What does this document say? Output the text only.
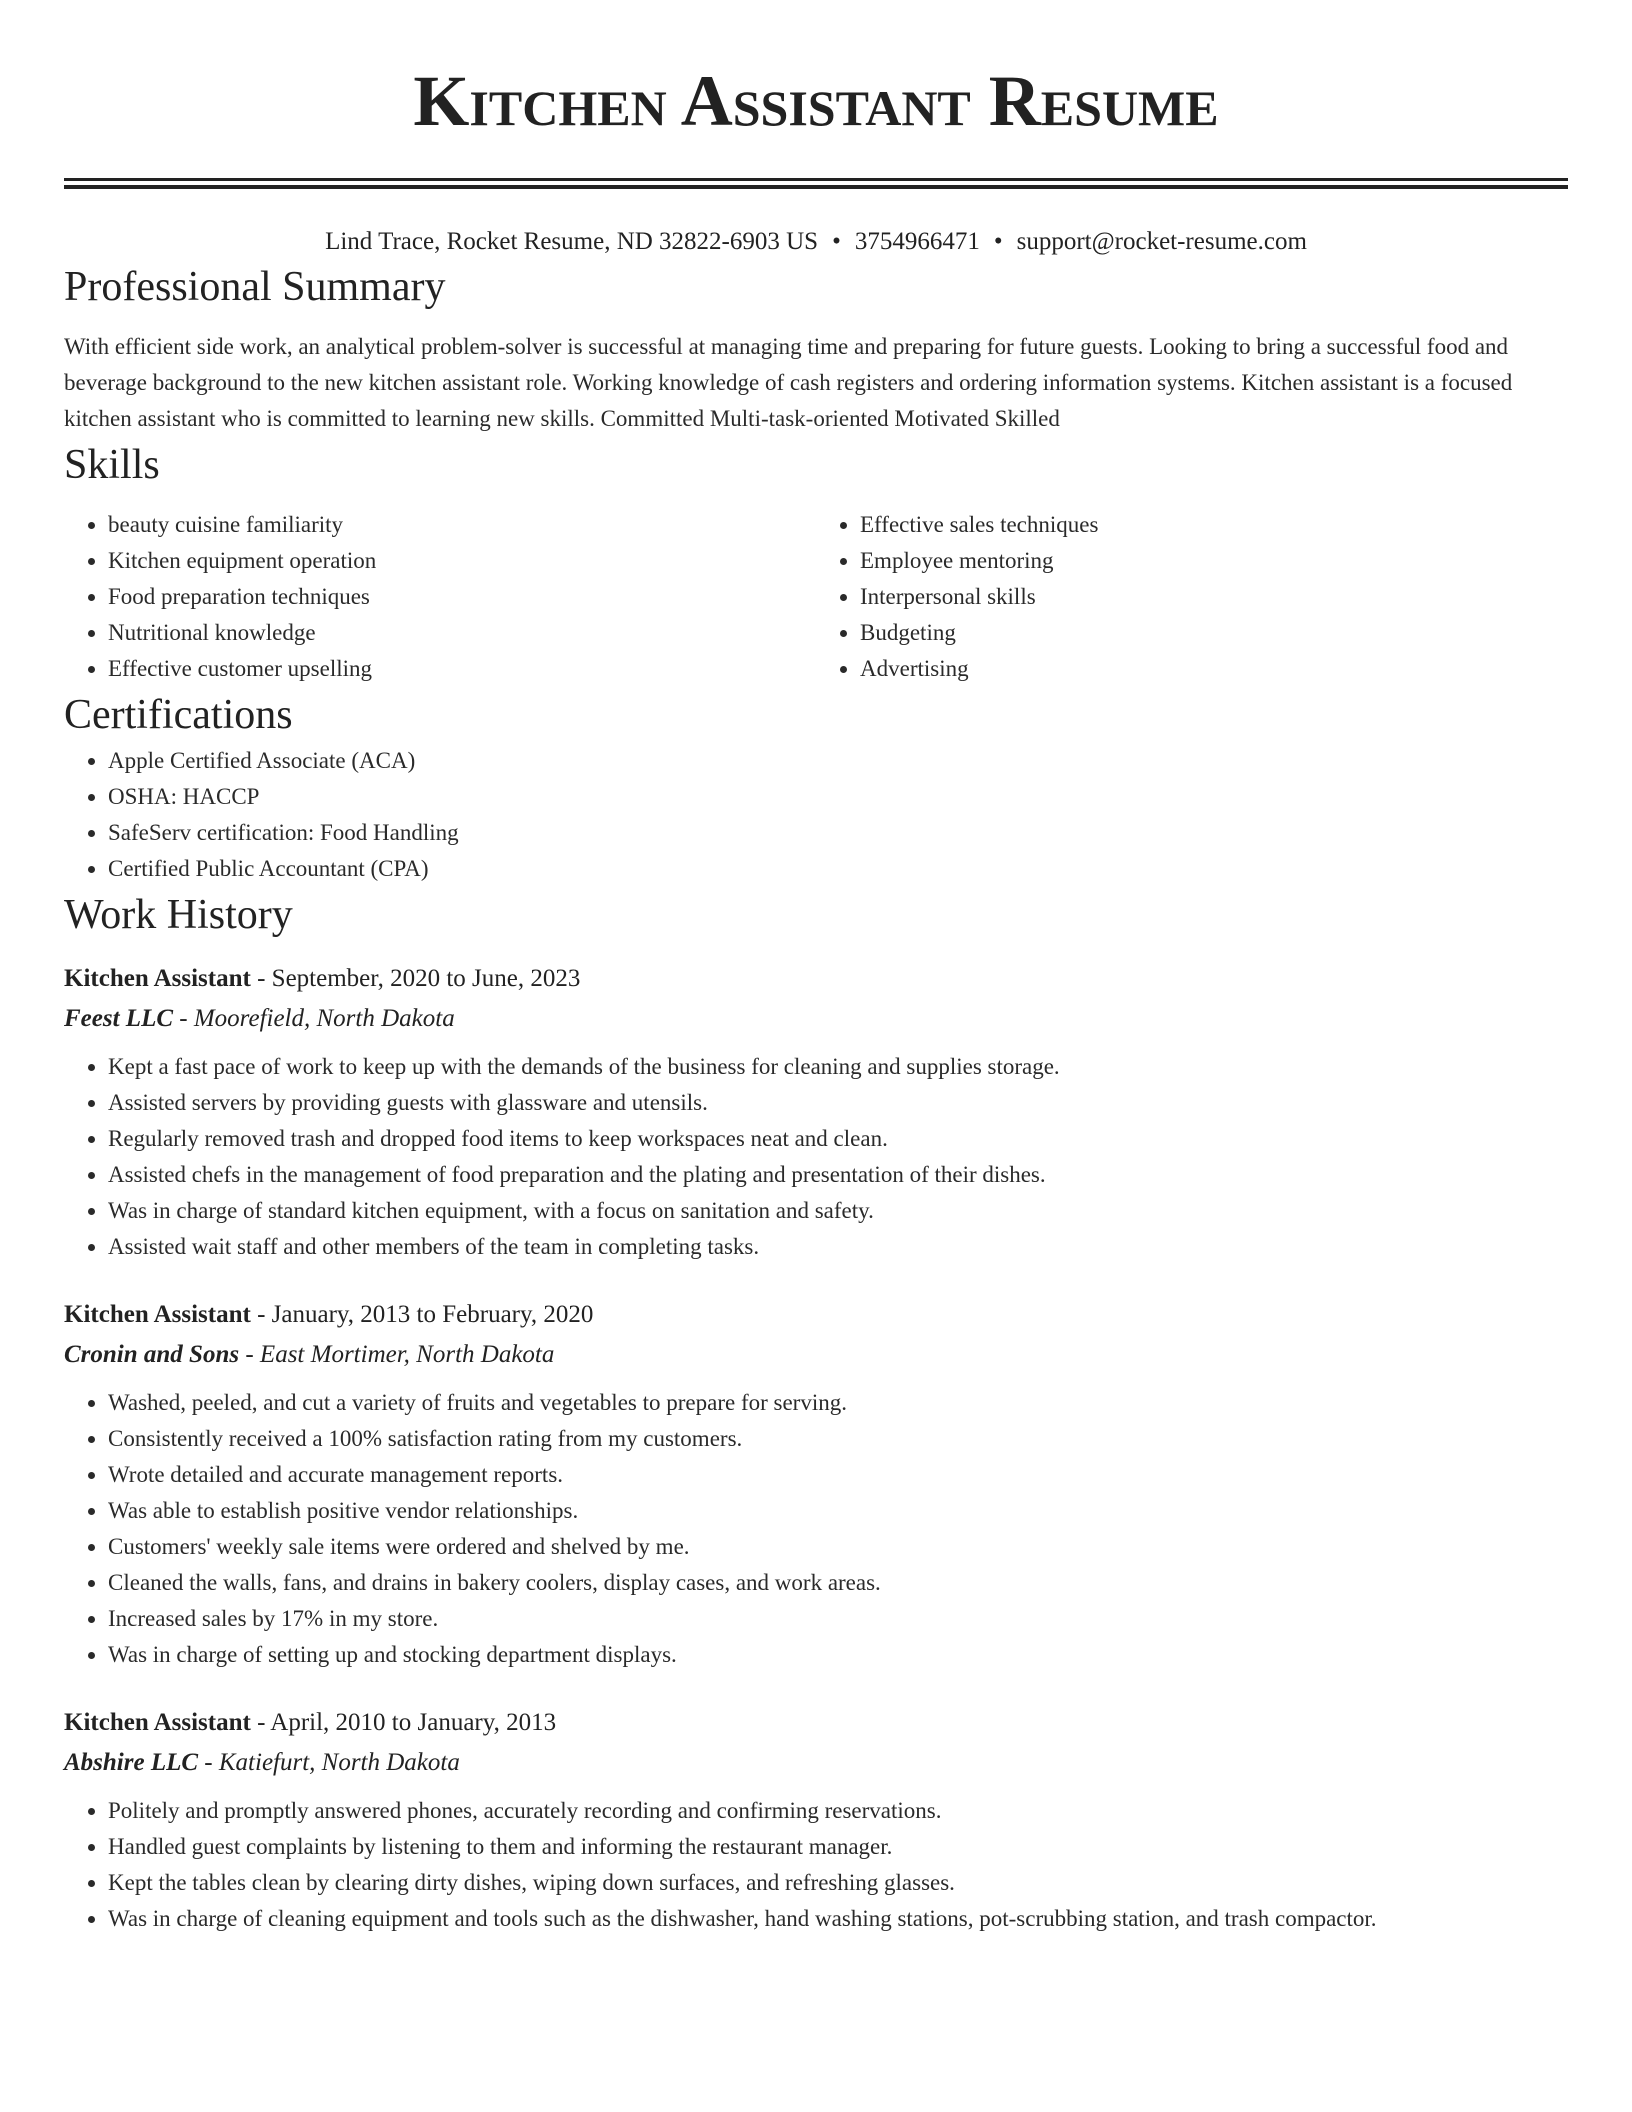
Kitchen Assistant Resume
Lind Trace, Rocket Resume, ND 32822-6903 US • 3754966471 • support@rocket-resume.com
Professional Summary

With efficient side work, an analytical problem-solver is successful at managing time and preparing for future guests. Looking to bring a successful food and beverage background to the new kitchen assistant role. Working knowledge of cash registers and ordering information systems. Kitchen assistant is a focused kitchen assistant who is committed to learning new skills. Committed Multi-task-oriented Motivated Skilled

Skills
• beauty cuisine familiarity
• Kitchen equipment operation
• Food preparation techniques
• Nutritional knowledge
• Effective customer upselling
• Effective sales techniques
• Employee mentoring
• Interpersonal skills
• Budgeting
• Advertising
Certifications
• Apple Certified Associate (ACA)
• OSHA: HACCP
• SafeServ certification: Food Handling
• Certified Public Accountant (CPA)
Work History
Kitchen Assistant - September, 2020 to June, 2023
Feest LLC - Moorefield, North Dakota
• Kept a fast pace of work to keep up with the demands of the business for cleaning and supplies storage.
• Assisted servers by providing guests with glassware and utensils.
• Regularly removed trash and dropped food items to keep workspaces neat and clean.
• Assisted chefs in the management of food preparation and the plating and presentation of their dishes.
• Was in charge of standard kitchen equipment, with a focus on sanitation and safety.
• Assisted wait staff and other members of the team in completing tasks.
Kitchen Assistant - January, 2013 to February, 2020
Cronin and Sons - East Mortimer, North Dakota
• Washed, peeled, and cut a variety of fruits and vegetables to prepare for serving.
• Consistently received a 100% satisfaction rating from my customers.
• Wrote detailed and accurate management reports.
• Was able to establish positive vendor relationships.
• Customers' weekly sale items were ordered and shelved by me.
• Cleaned the walls, fans, and drains in bakery coolers, display cases, and work areas.
• Increased sales by 17% in my store.
• Was in charge of setting up and stocking department displays.
Kitchen Assistant - April, 2010 to January, 2013
Abshire LLC - Katiefurt, North Dakota
• Politely and promptly answered phones, accurately recording and confirming reservations.
• Handled guest complaints by listening to them and informing the restaurant manager.
• Kept the tables clean by clearing dirty dishes, wiping down surfaces, and refreshing glasses.
• Was in charge of cleaning equipment and tools such as the dishwasher, hand washing stations, pot-scrubbing station, and trash compactor.
